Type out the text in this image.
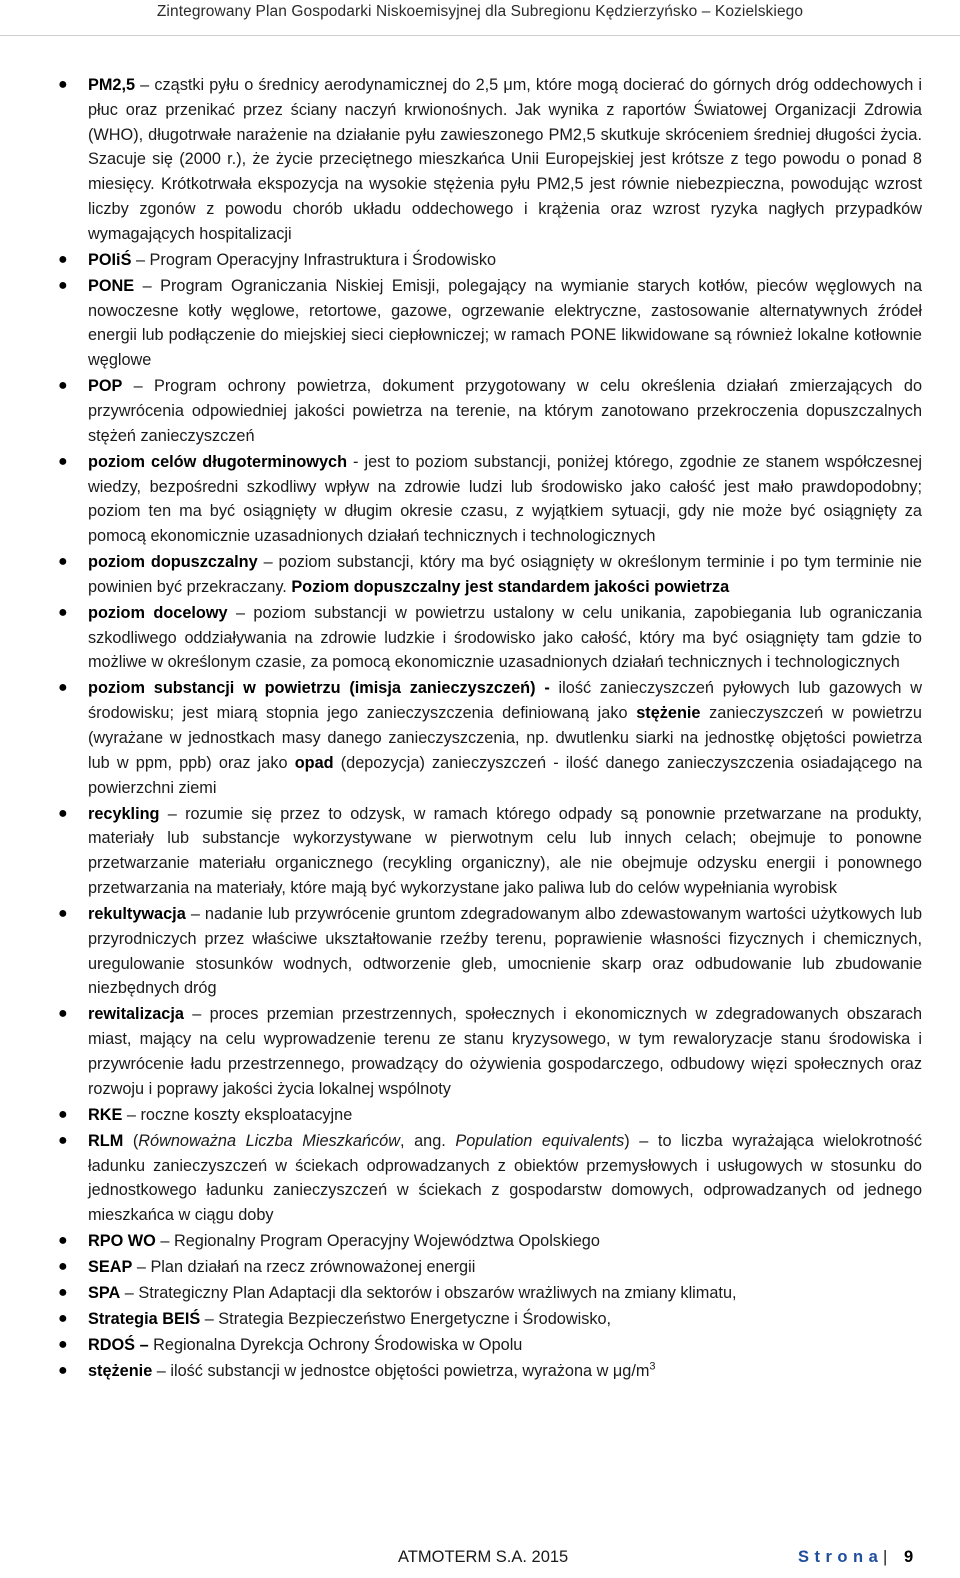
Zintegrowany Plan Gospodarki Niskoemisyjnej dla Subregionu Kędzierzyńsko – Kozielskiego
● PM2,5 – cząstki pyłu o średnicy aerodynamicznej do 2,5 μm, które mogą docierać do górnych dróg oddechowych i płuc oraz przenikać przez ściany naczyń krwionośnych. Jak wynika z raportów Światowej Organizacji Zdrowia (WHO), długotrwałe narażenie na działanie pyłu zawieszonego PM2,5 skutkuje skróceniem średniej długości życia. Szacuje się (2000 r.), że życie przeciętnego mieszkańca Unii Europejskiej jest krótsze z tego powodu o ponad 8 miesięcy. Krótkotrwała ekspozycja na wysokie stężenia pyłu PM2,5 jest równie niebezpieczna, powodując wzrost liczby zgonów z powodu chorób układu oddechowego i krążenia oraz wzrost ryzyka nagłych przypadków wymagających hospitalizacji
● POIiŚ – Program Operacyjny Infrastruktura i Środowisko
● PONE – Program Ograniczania Niskiej Emisji, polegający na wymianie starych kotłów, pieców węglowych na nowoczesne kotły węglowe, retortowe, gazowe, ogrzewanie elektryczne, zastosowanie alternatywnych źródeł energii lub podłączenie do miejskiej sieci ciepłowniczej; w ramach PONE likwidowane są również lokalne kotłownie węglowe
● POP – Program ochrony powietrza, dokument przygotowany w celu określenia działań zmierzających do przywrócenia odpowiedniej jakości powietrza na terenie, na którym zanotowano przekroczenia dopuszczalnych stężeń zanieczyszczeń
● poziom celów długoterminowych - jest to poziom substancji, poniżej którego, zgodnie ze stanem współczesnej wiedzy, bezpośredni szkodliwy wpływ na zdrowie ludzi lub środowisko jako całość jest mało prawdopodobny; poziom ten ma być osiągnięty w długim okresie czasu, z wyjątkiem sytuacji, gdy nie może być osiągnięty za pomocą ekonomicznie uzasadnionych działań technicznych i technologicznych
● poziom dopuszczalny – poziom substancji, który ma być osiągnięty w określonym terminie i po tym terminie nie powinien być przekraczany. Poziom dopuszczalny jest standardem jakości powietrza
● poziom docelowy – poziom substancji w powietrzu ustalony w celu unikania, zapobiegania lub ograniczania szkodliwego oddziaływania na zdrowie ludzkie i środowisko jako całość, który ma być osiągnięty tam gdzie to możliwe w określonym czasie, za pomocą ekonomicznie uzasadnionych działań technicznych i technologicznych
● poziom substancji w powietrzu (imisja zanieczyszczeń) - ilość zanieczyszczeń pyłowych lub gazowych w środowisku; jest miarą stopnia jego zanieczyszczenia definiowaną jako stężenie zanieczyszczeń w powietrzu (wyrażane w jednostkach masy danego zanieczyszczenia, np. dwutlenku siarki na jednostkę objętości powietrza lub w ppm, ppb) oraz jako opad (depozycja) zanieczyszczeń - ilość danego zanieczyszczenia osiadającego na powierzchni ziemi
● recykling – rozumie się przez to odzysk, w ramach którego odpady są ponownie przetwarzane na produkty, materiały lub substancje wykorzystywane w pierwotnym celu lub innych celach; obejmuje to ponowne przetwarzanie materiału organicznego (recykling organiczny), ale nie obejmuje odzysku energii i ponownego przetwarzania na materiały, które mają być wykorzystane jako paliwa lub do celów wypełniania wyrobisk
● rekultywacja – nadanie lub przywrócenie gruntom zdegradowanym albo zdewastowanym wartości użytkowych lub przyrodniczych przez właściwe ukształtowanie rzeźby terenu, poprawienie własności fizycznych i chemicznych, uregulowanie stosunków wodnych, odtworzenie gleb, umocnienie skarp oraz odbudowanie lub zbudowanie niezbędnych dróg
● rewitalizacja – proces przemian przestrzennych, społecznych i ekonomicznych w zdegradowanych obszarach miast, mający na celu wyprowadzenie terenu ze stanu kryzysowego, w tym rewaloryzacje stanu środowiska i przywrócenie ładu przestrzennego, prowadzący do ożywienia gospodarczego, odbudowy więzi społecznych oraz rozwoju i poprawy jakości życia lokalnej wspólnoty
● RKE – roczne koszty eksploatacyjne
● RLM (Równoważna Liczba Mieszkańców, ang. Population equivalents) – to liczba wyrażająca wielokrotność ładunku zanieczyszczeń w ściekach odprowadzanych z obiektów przemysłowych i usługowych w stosunku do jednostkowego ładunku zanieczyszczeń w ściekach z gospodarstw domowych, odprowadzanych od jednego mieszkańca w ciągu doby
● RPO WO – Regionalny Program Operacyjny Województwa Opolskiego
● SEAP – Plan działań na rzecz zrównoważonej energii
● SPA – Strategiczny Plan Adaptacji dla sektorów i obszarów wrażliwych na zmiany klimatu,
● Strategia BEIŚ – Strategia Bezpieczeństwo Energetyczne i Środowisko,
● RDOŚ – Regionalna Dyrekcja Ochrony Środowiska w Opolu
● stężenie – ilość substancji w jednostce objętości powietrza, wyrażona w $\mu g/m^3$
ATMOTERM S.A. 2015	Strona | 9
